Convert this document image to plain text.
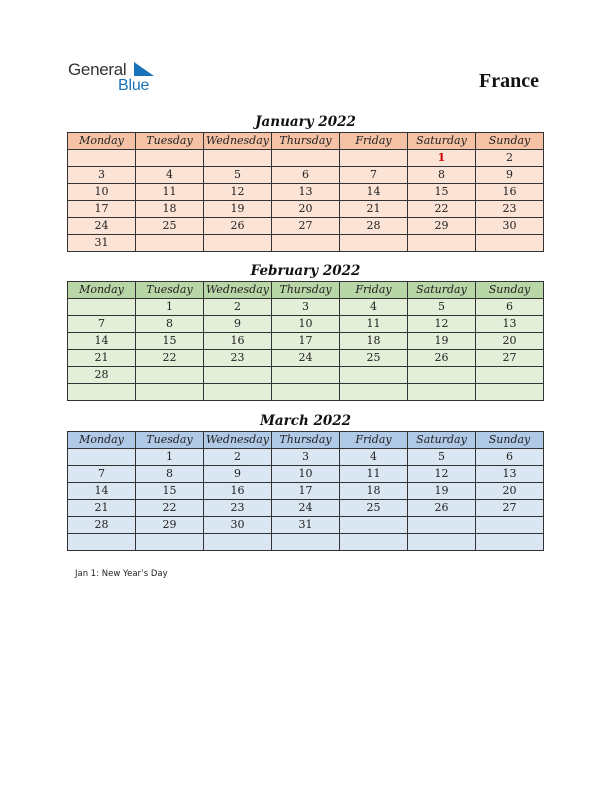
General
Blue	France
January 2022
Monday	Tuesday	Wednesday	Thursday	Friday	Saturday	Sunday
					1	2
3	4	5	6	7	8	9
10	11	12	13	14	15	16
17	18	19	20	21	22	23
24	25	26	27	28	29	30
31						
February 2022
Monday	Tuesday	Wednesday	Thursday	Friday	Saturday	Sunday
	1	2	3	4	5	6
7	8	9	10	11	12	13
14	15	16	17	18	19	20
21	22	23	24	25	26	27
28						

March 2022
Monday	Tuesday	Wednesday	Thursday	Friday	Saturday	Sunday
	1	2	3	4	5	6
7	8	9	10	11	12	13
14	15	16	17	18	19	20
21	22	23	24	25	26	27
28	29	30	31			

Jan 1: New Year’s Day
